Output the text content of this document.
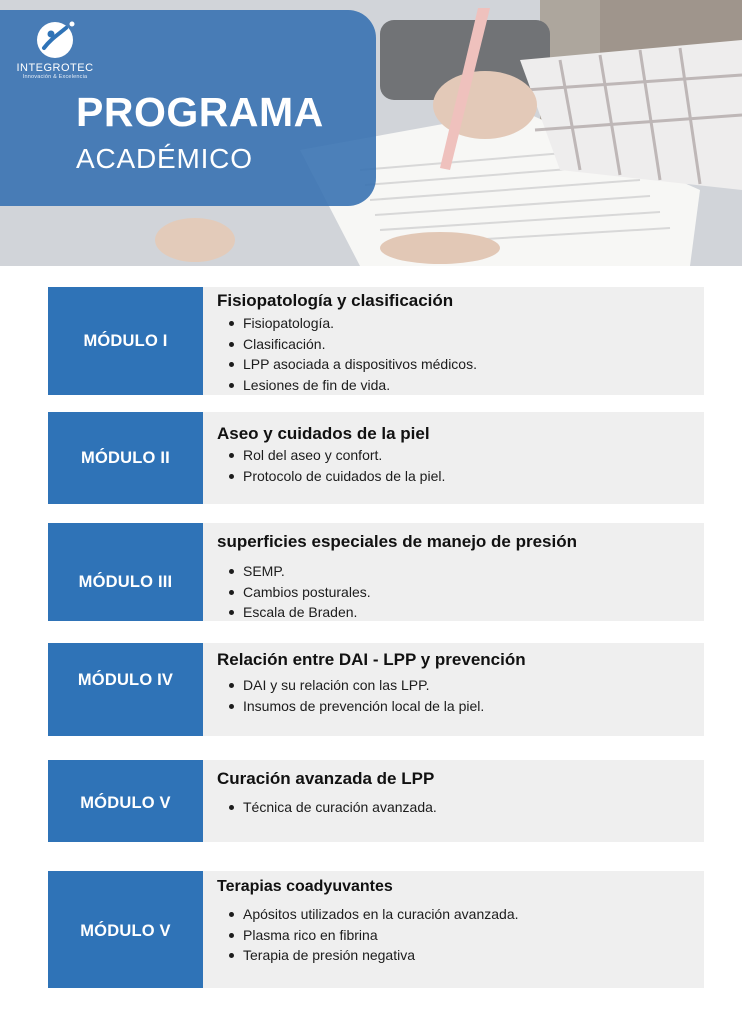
INTEGROTEC
Innovación & Excelencia
PROGRAMA
ACADÉMICO
MÓDULO I
Fisiopatología y clasificación
Fisiopatología.
Clasificación.
LPP asociada a dispositivos médicos.
Lesiones de fin de vida.
MÓDULO II
Aseo y cuidados de la piel
Rol del aseo y confort.
Protocolo de cuidados de la piel.
MÓDULO III
superficies especiales de manejo de presión
SEMP.
Cambios posturales.
Escala de Braden.
MÓDULO IV
Relación entre DAI - LPP y prevención
DAI y su relación con las LPP.
Insumos de prevención local de la piel.
MÓDULO V
Curación avanzada de LPP
Técnica de curación avanzada.
MÓDULO V
Terapias coadyuvantes
Apósitos utilizados en la curación avanzada.
Plasma rico en fibrina
Terapia de presión negativa
